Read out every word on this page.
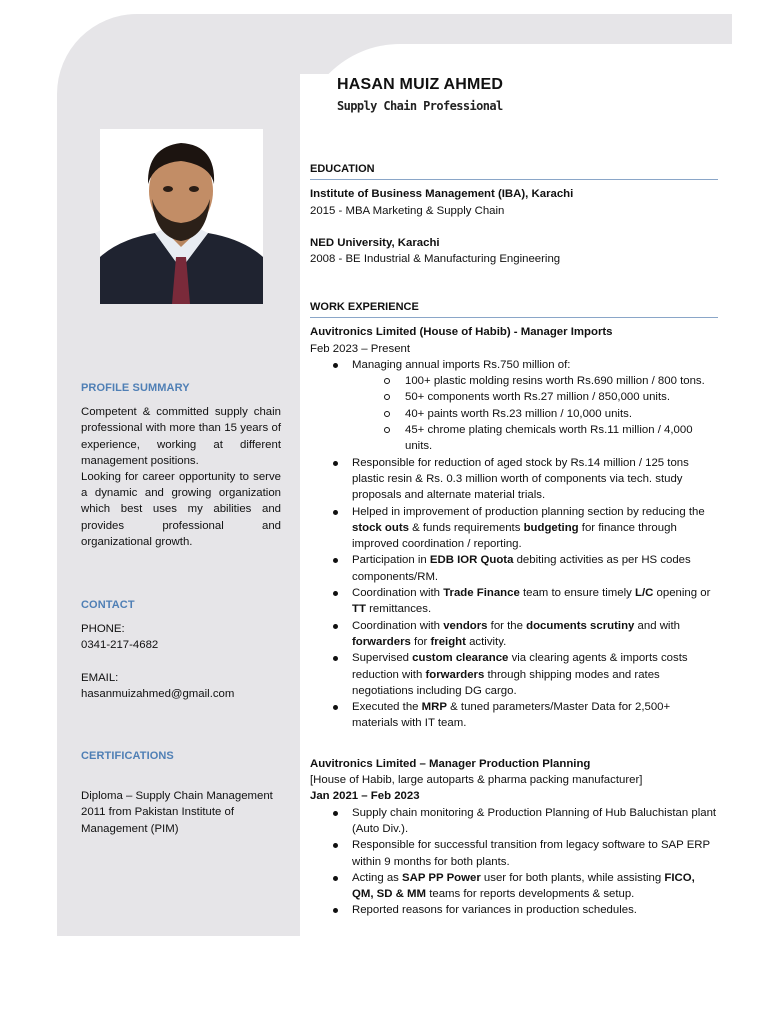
HASAN MUIZ AHMED
Supply Chain Professional
PROFILE SUMMARY
Competent & committed supply chain professional with more than 15 years of experience, working at different management positions.
Looking for career opportunity to serve a dynamic and growing organization which best uses my abilities and provides professional and organizational growth.
CONTACT
PHONE:
0341-217-4682
EMAIL:
hasanmuizahmed@gmail.com
CERTIFICATIONS
Diploma – Supply Chain Management
2011 from Pakistan Institute of
Management (PIM)
EDUCATION
Institute of Business Management (IBA), Karachi
2015 - MBA Marketing & Supply Chain
NED University, Karachi
2008 - BE Industrial & Manufacturing Engineering
WORK EXPERIENCE
Auvitronics Limited (House of Habib) - Manager Imports
Feb 2023 – Present
Managing annual imports Rs.750 million of:
100+ plastic molding resins worth Rs.690 million / 800 tons.
50+ components worth Rs.27 million / 850,000 units.
40+ paints worth Rs.23 million / 10,000 units.
45+ chrome plating chemicals worth Rs.11 million / 4,000 units.
Responsible for reduction of aged stock by Rs.14 million / 125 tons plastic resin & Rs. 0.3 million worth of components via tech. study proposals and alternate material trials.
Helped in improvement of production planning section by reducing the stock outs & funds requirements budgeting for finance through improved coordination / reporting.
Participation in EDB IOR Quota debiting activities as per HS codes components/RM.
Coordination with Trade Finance team to ensure timely L/C opening or TT remittances.
Coordination with vendors for the documents scrutiny and with forwarders for freight activity.
Supervised custom clearance via clearing agents & imports costs reduction with forwarders through shipping modes and rates negotiations including DG cargo.
Executed the MRP & tuned parameters/Master Data for 2,500+ materials with IT team.
Auvitronics Limited – Manager Production Planning
[House of Habib, large autoparts & pharma packing manufacturer]
Jan 2021 – Feb 2023
Supply chain monitoring & Production Planning of Hub Baluchistan plant (Auto Div.).
Responsible for successful transition from legacy software to SAP ERP within 9 months for both plants.
Acting as SAP PP Power user for both plants, while assisting FICO, QM, SD & MM teams for reports developments & setup.
Reported reasons for variances in production schedules.
